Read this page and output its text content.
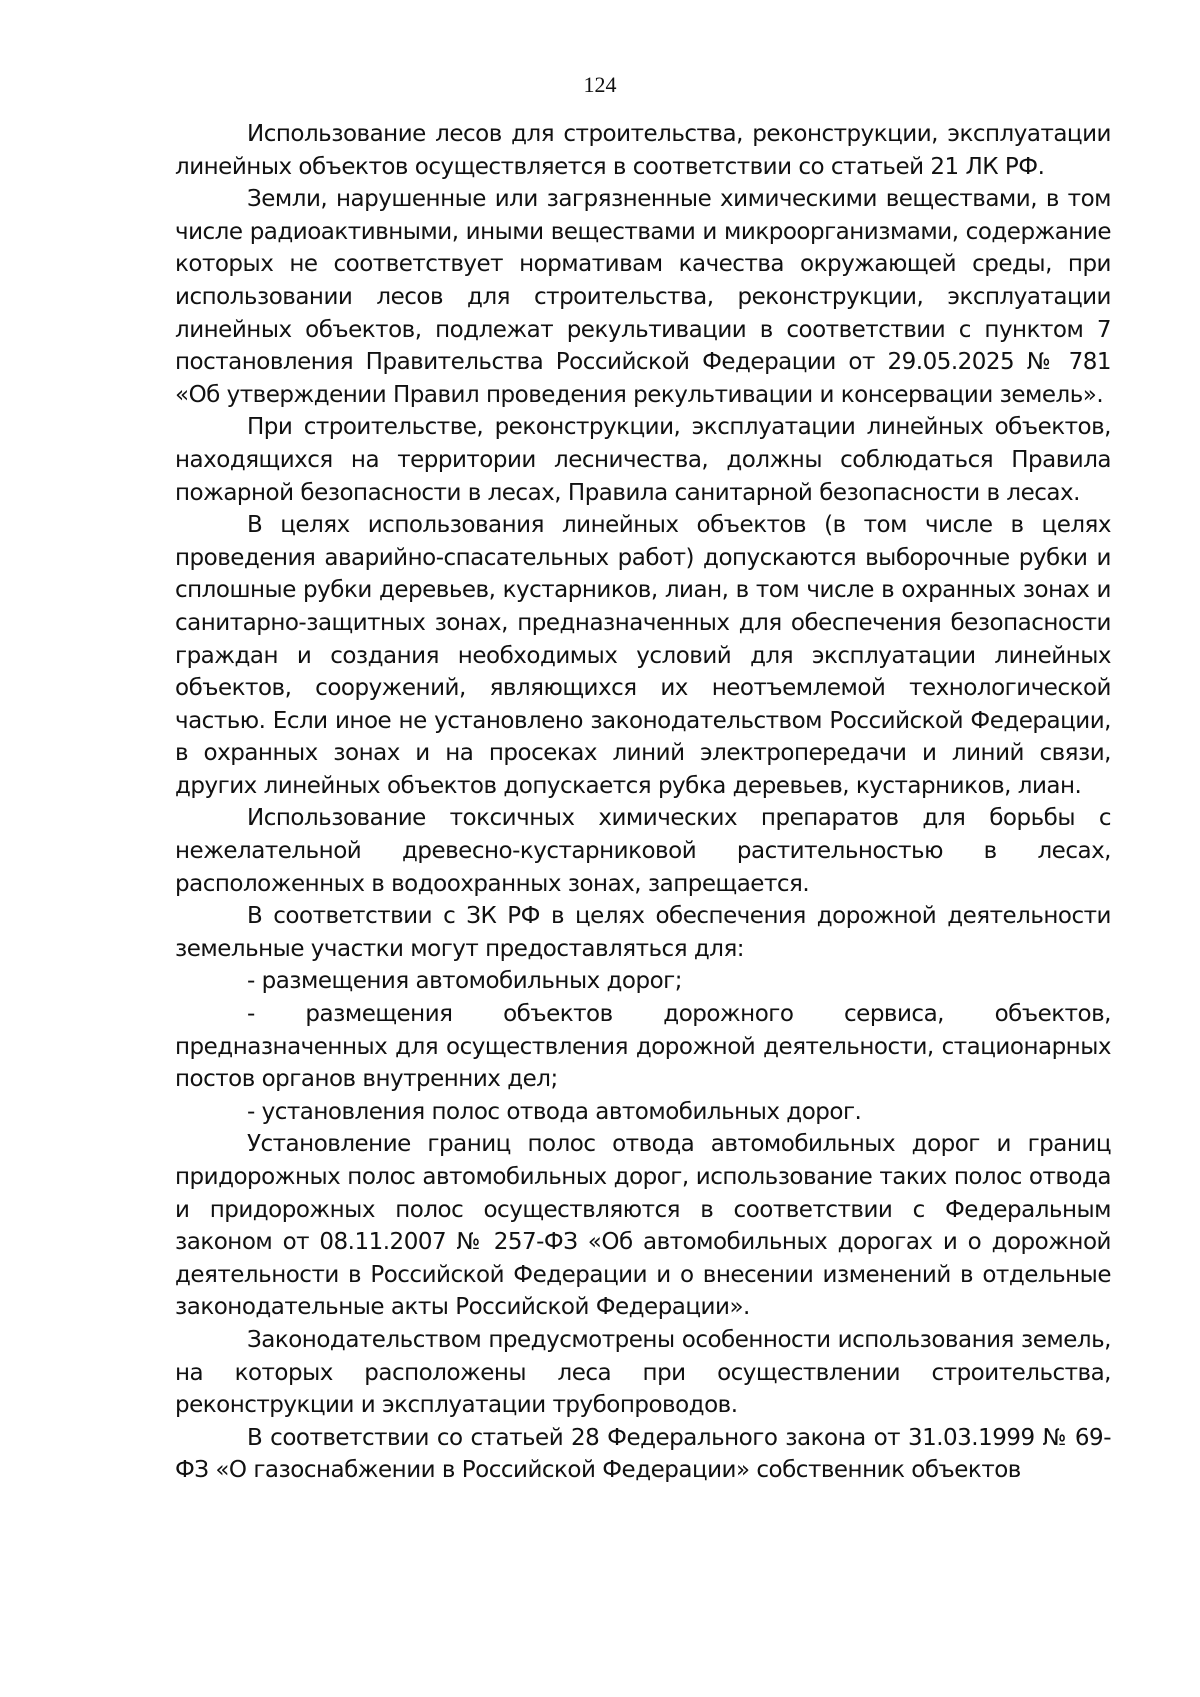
124

Использование лесов для строительства, реконструкции, эксплуатации линейных объектов осуществляется в соответствии со статьей 21 ЛК РФ.

Земли, нарушенные или загрязненные химическими веществами, в том числе радиоактивными, иными веществами и микроорганизмами, содержание которых не соответствует нормативам качества окружающей среды, при использовании лесов для строительства, реконструкции, эксплуатации линейных объектов, подлежат рекультивации в соответствии с пунктом 7 постановления Правительства Российской Федерации от 29.05.2025 № 781 «Об утверждении Правил проведения рекультивации и консервации земель».

При строительстве, реконструкции, эксплуатации линейных объектов, находящихся на территории лесничества, должны соблюдаться Правила пожарной безопасности в лесах, Правила санитарной безопасности в лесах.

В целях использования линейных объектов (в том числе в целях проведения аварийно-спасательных работ) допускаются выборочные рубки и сплошные рубки деревьев, кустарников, лиан, в том числе в охранных зонах и санитарно-защитных зонах, предназначенных для обеспечения безопасности граждан и создания необходимых условий для эксплуатации линейных объектов, сооружений, являющихся их неотъемлемой технологической частью. Если иное не установлено законодательством Российской Федерации, в охранных зонах и на просеках линий электропередачи и линий связи, других линейных объектов допускается рубка деревьев, кустарников, лиан.

Использование токсичных химических препаратов для борьбы с нежелательной древесно-кустарниковой растительностью в лесах, расположенных в водоохранных зонах, запрещается.

В соответствии с ЗК РФ в целях обеспечения дорожной деятельности земельные участки могут предоставляться для:

- размещения автомобильных дорог;

- размещения объектов дорожного сервиса, объектов, предназначенных для осуществления дорожной деятельности, стационарных постов органов внутренних дел;

- установления полос отвода автомобильных дорог.

Установление границ полос отвода автомобильных дорог и границ придорожных полос автомобильных дорог, использование таких полос отвода и придорожных полос осуществляются в соответствии с Федеральным законом от 08.11.2007 № 257-ФЗ «Об автомобильных дорогах и о дорожной деятельности в Российской Федерации и о внесении изменений в отдельные законодательные акты Российской Федерации».

Законодательством предусмотрены особенности использования земель, на которых расположены леса при осуществлении строительства, реконструкции и эксплуатации трубопроводов.

В соответствии со статьей 28 Федерального закона от 31.03.1999 № 69-ФЗ «О газоснабжении в Российской Федерации» собственник объектов
